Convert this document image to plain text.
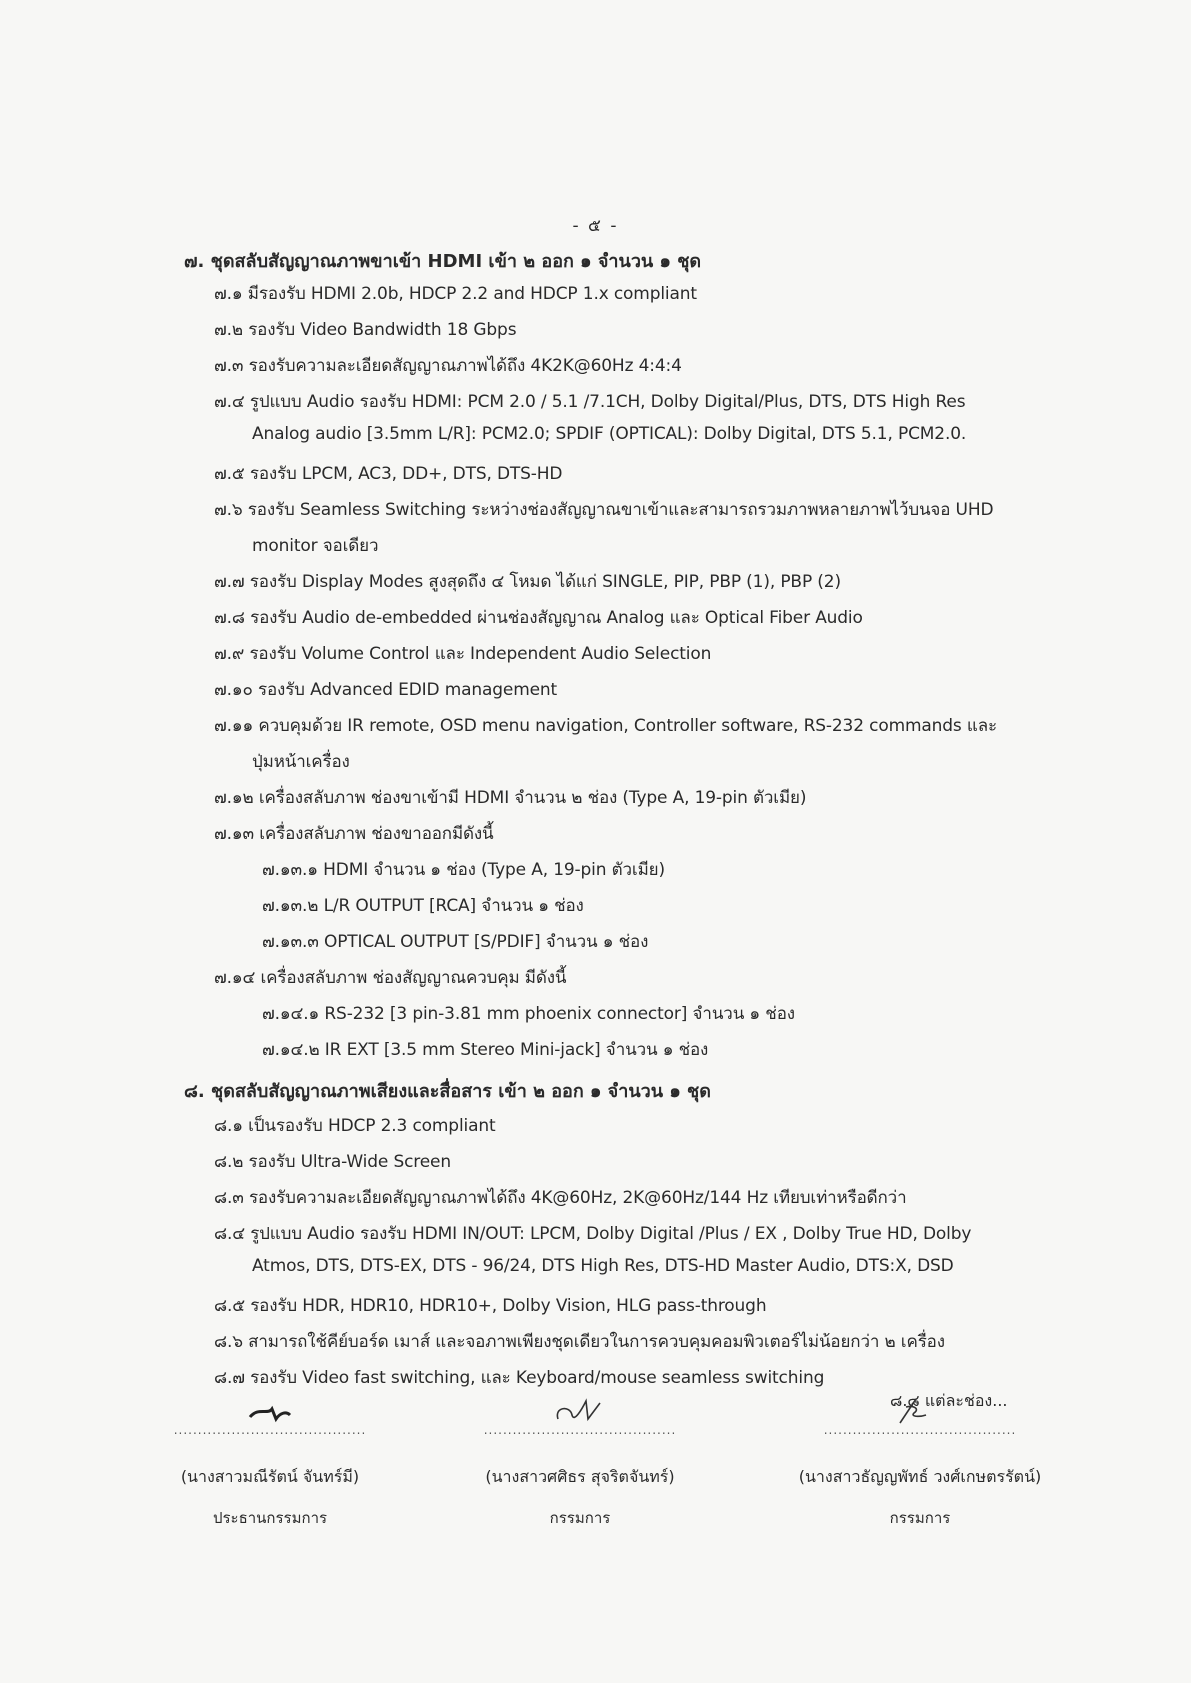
- ๕ -
๗. ชุดสลับสัญญาณภาพขาเข้า HDMI เข้า ๒ ออก ๑ จำนวน ๑ ชุด
๗.๑ มีรองรับ HDMI 2.0b, HDCP 2.2 and HDCP 1.x compliant
๗.๒ รองรับ Video Bandwidth 18 Gbps
๗.๓ รองรับความละเอียดสัญญาณภาพได้ถึง 4K2K@60Hz 4:4:4
๗.๔ รูปแบบ Audio รองรับ HDMI: PCM 2.0 / 5.1 /7.1CH, Dolby Digital/Plus, DTS, DTS High Res
Analog audio [3.5mm L/R]: PCM2.0; SPDIF (OPTICAL): Dolby Digital, DTS 5.1, PCM2.0.
๗.๕ รองรับ LPCM, AC3, DD+, DTS, DTS-HD
๗.๖ รองรับ Seamless Switching ระหว่างช่องสัญญาณขาเข้าและสามารถรวมภาพหลายภาพไว้บนจอ UHD
monitor จอเดียว
๗.๗ รองรับ Display Modes สูงสุดถึง ๔ โหมด ได้แก่ SINGLE, PIP, PBP (1), PBP (2)
๗.๘ รองรับ Audio de-embedded ผ่านช่องสัญญาณ Analog และ Optical Fiber Audio
๗.๙ รองรับ Volume Control และ Independent Audio Selection
๗.๑๐ รองรับ Advanced EDID management
๗.๑๑ ควบคุมด้วย IR remote, OSD menu navigation, Controller software, RS-232 commands และ
ปุ่มหน้าเครื่อง
๗.๑๒ เครื่องสลับภาพ ช่องขาเข้ามี HDMI จำนวน ๒ ช่อง (Type A, 19-pin ตัวเมีย)
๗.๑๓ เครื่องสลับภาพ ช่องขาออกมีดังนี้
๗.๑๓.๑ HDMI จำนวน ๑ ช่อง (Type A, 19-pin ตัวเมีย)
๗.๑๓.๒ L/R OUTPUT [RCA] จำนวน ๑ ช่อง
๗.๑๓.๓ OPTICAL OUTPUT [S/PDIF] จำนวน ๑ ช่อง
๗.๑๔ เครื่องสลับภาพ ช่องสัญญาณควบคุม มีดังนี้
๗.๑๔.๑ RS-232 [3 pin-3.81 mm phoenix connector] จำนวน ๑ ช่อง
๗.๑๔.๒ IR EXT [3.5 mm Stereo Mini-jack] จำนวน ๑ ช่อง
๘. ชุดสลับสัญญาณภาพเสียงและสื่อสาร เข้า ๒ ออก ๑ จำนวน ๑ ชุด
๘.๑ เป็นรองรับ HDCP 2.3 compliant
๘.๒ รองรับ Ultra-Wide Screen
๘.๓ รองรับความละเอียดสัญญาณภาพได้ถึง 4K@60Hz, 2K@60Hz/144 Hz เทียบเท่าหรือดีกว่า
๘.๔ รูปแบบ Audio รองรับ HDMI IN/OUT: LPCM, Dolby Digital /Plus / EX , Dolby True HD, Dolby
Atmos, DTS, DTS-EX, DTS - 96/24, DTS High Res, DTS-HD Master Audio, DTS:X, DSD
๘.๕ รองรับ HDR, HDR10, HDR10+, Dolby Vision, HLG pass-through
๘.๖ สามารถใช้คีย์บอร์ด เมาส์ และจอภาพเพียงชุดเดียวในการควบคุมคอมพิวเตอร์ไม่น้อยกว่า ๒ เครื่อง
๘.๗ รองรับ Video fast switching, และ Keyboard/mouse seamless switching
๘.๘ แต่ละช่อง...
........................................
(นางสาวมณีรัตน์ จันทร์มี)
ประธานกรรมการ
........................................
(นางสาวศศิธร สุจริตจันทร์)
กรรมการ
........................................
(นางสาวธัญญพัทธ์ วงศ์เกษตรรัตน์)
กรรมการ
